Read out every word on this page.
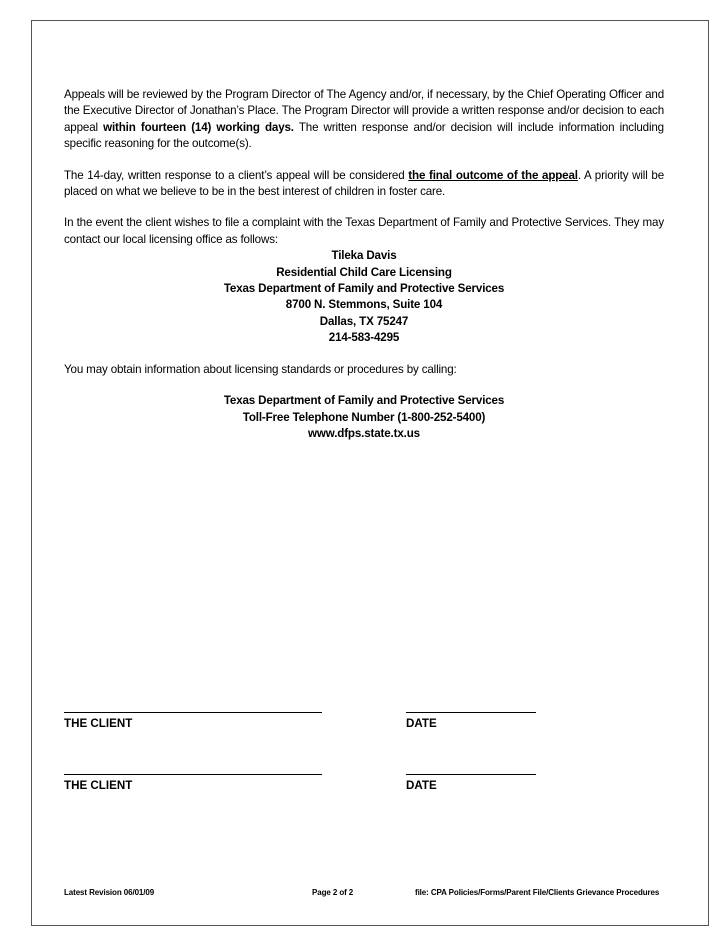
Appeals will be reviewed by the Program Director of The Agency and/or, if necessary, by the Chief Operating Officer and the Executive Director of Jonathan’s Place. The Program Director will provide a written response and/or decision to each appeal within fourteen (14) working days. The written response and/or decision will include information including specific reasoning for the outcome(s).

The 14-day, written response to a client’s appeal will be considered the final outcome of the appeal. A priority will be placed on what we believe to be in the best interest of children in foster care.

In the event the client wishes to file a complaint with the Texas Department of Family and Protective Services. They may contact our local licensing office as follows:

Tileka Davis

Residential Child Care Licensing

Texas Department of Family and Protective Services

8700 N. Stemmons, Suite 104

Dallas, TX 75247

214-583-4295

You may obtain information about licensing standards or procedures by calling:

Texas Department of Family and Protective Services

Toll-Free Telephone Number (1-800-252-5400)

www.dfps.state.tx.us

THE CLIENT	DATE
THE CLIENT	DATE
Latest Revision 06/01/09	Page 2 of 2	file: CPA Policies/Forms/Parent File/Clients Grievance Procedures
